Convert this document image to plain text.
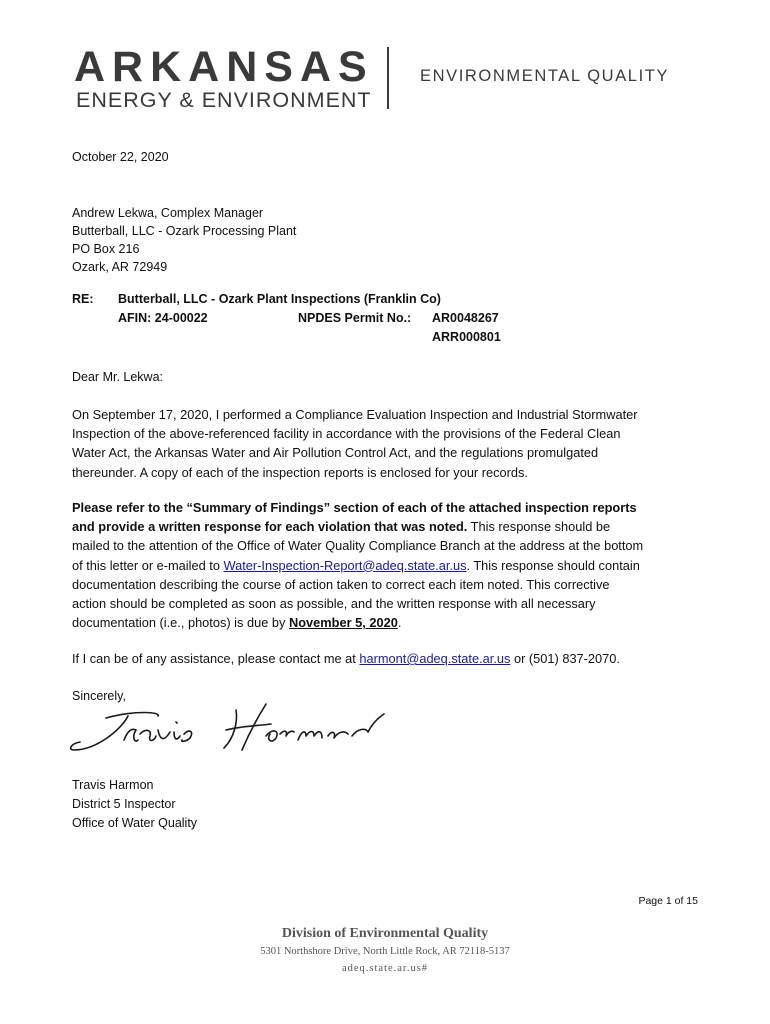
ARKANSAS
ENERGY & ENVIRONMENT
ENVIRONMENTAL QUALITY
October 22, 2020
Andrew Lekwa, Complex Manager
Butterball, LLC - Ozark Processing Plant
PO Box 216
Ozark, AR 72949
RE: Butterball, LLC - Ozark Plant Inspections (Franklin Co)
AFIN: 24-00022	NPDES Permit No.: AR0048267
ARR000801
Dear Mr. Lekwa:
On September 17, 2020, I performed a Compliance Evaluation Inspection and Industrial Stormwater
Inspection of the above-referenced facility in accordance with the provisions of the Federal Clean
Water Act, the Arkansas Water and Air Pollution Control Act, and the regulations promulgated
thereunder. A copy of each of the inspection reports is enclosed for your records.
Please refer to the “Summary of Findings” section of each of the attached inspection reports
and provide a written response for each violation that was noted. This response should be
mailed to the attention of the Office of Water Quality Compliance Branch at the address at the bottom
of this letter or e-mailed to Water-Inspection-Report@adeq.state.ar.us. This response should contain
documentation describing the course of action taken to correct each item noted. This corrective
action should be completed as soon as possible, and the written response with all necessary
documentation (i.e., photos) is due by November 5, 2020.
If I can be of any assistance, please contact me at harmont@adeq.state.ar.us or (501) 837-2070.
Sincerely,
Travis Harmon
District 5 Inspector
Office of Water Quality
Page 1 of 15
Division of Environmental Quality
5301 Northshore Drive, North Little Rock, AR 72118-5137
adeq.state.ar.us#
